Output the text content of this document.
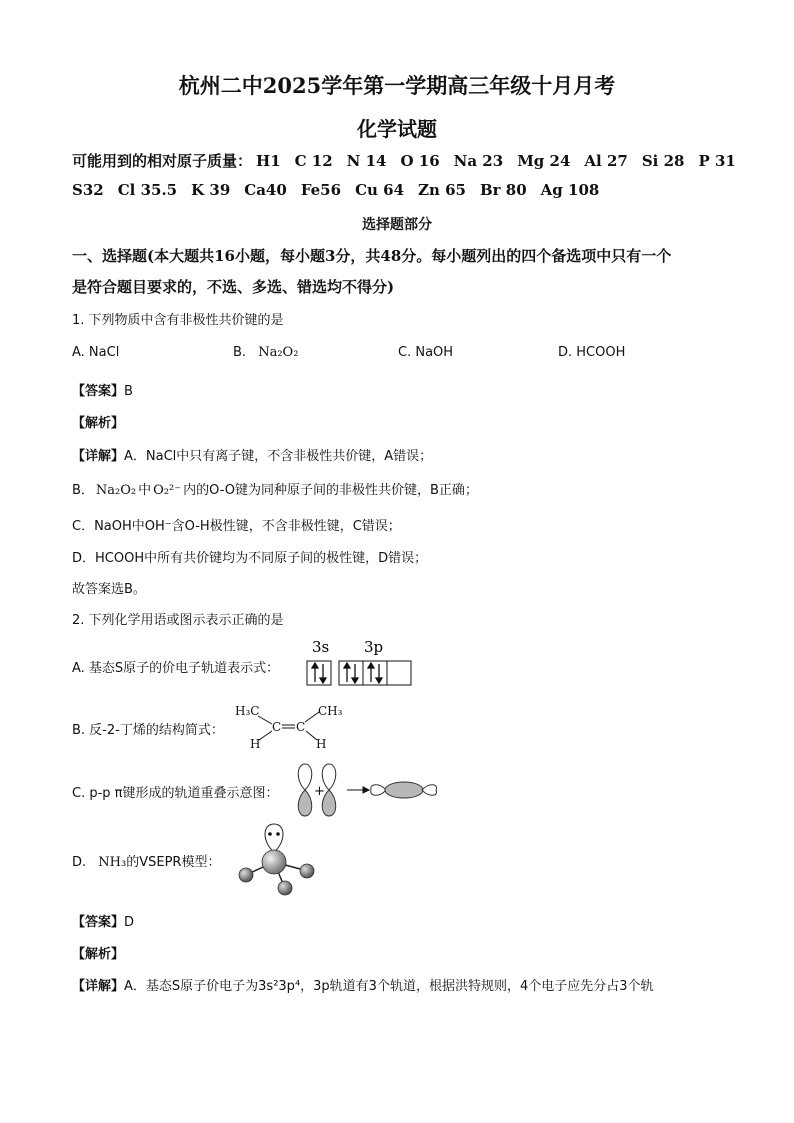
杭州二中2025学年第一学期高三年级十月月考
化学试题
可能用到的相对原子质量： H1 C 12 N 14 O 16 Na 23 Mg 24 Al 27 Si 28 P 31
S32 Cl 35.5 K 39 Ca40 Fe56 Cu 64 Zn 65 Br 80 Ag 108
选择题部分
一、选择题(本大题共16小题，每小题3分，共48分。每小题列出的四个备选项中只有一个
是符合题目要求的，不选、多选、错选均不得分)
1. 下列物质中含有非极性共价键的是
A. NaCl	B. Na₂O₂	C. NaOH	D. HCOOH
【答案】B
【解析】
【详解】A．NaCl中只有离子键，不含非极性共价键，A错误；
B． Na₂O₂ 中 O₂²⁻ 内的O-O键为同种原子间的非极性共价键，B正确；
C．NaOH中OH⁻含O-H极性键，不含非极性键，C错误；
D．HCOOH中所有共价键均为不同原子间的极性键，D错误；
故答案选B。
2. 下列化学用语或图示表示正确的是
A. 基态S原子的价电子轨道表示式：
3s 3p
B. 反-2-丁烯的结构简式：
H₃C	CH₃
C C
H	H
C. p-p π键形成的轨道重叠示意图：	+
D. NH₃的VSEPR模型：
【答案】D
【解析】
【详解】A．基态S原子价电子为3s²3p⁴，3p轨道有3个轨道，根据洪特规则，4个电子应先分占3个轨
